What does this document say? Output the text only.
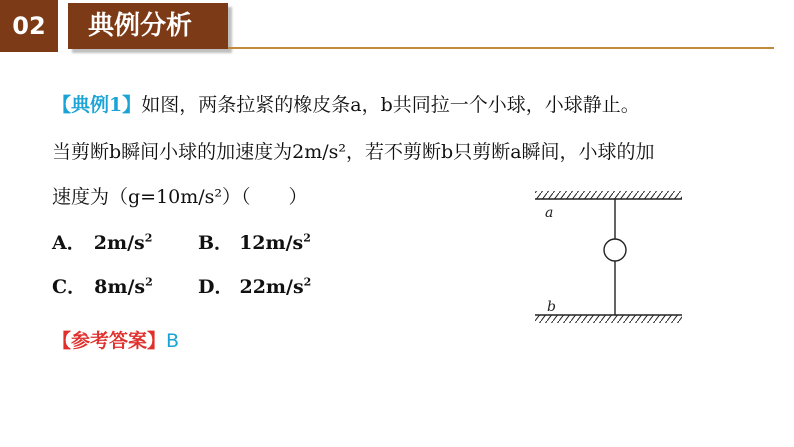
02	典例分析
【典例1】如图，两条拉紧的橡皮条a，b共同拉一个小球，小球静止。
当剪断b瞬间小球的加速度为2m/s²，若不剪断b只剪断a瞬间，小球的加
速度为（g=10m/s²）（　　）
A． $2m/s^2$ B． $12m/s^2$
C． $8m/s^2$ D． $22m/s^2$
【参考答案】B
a
b
